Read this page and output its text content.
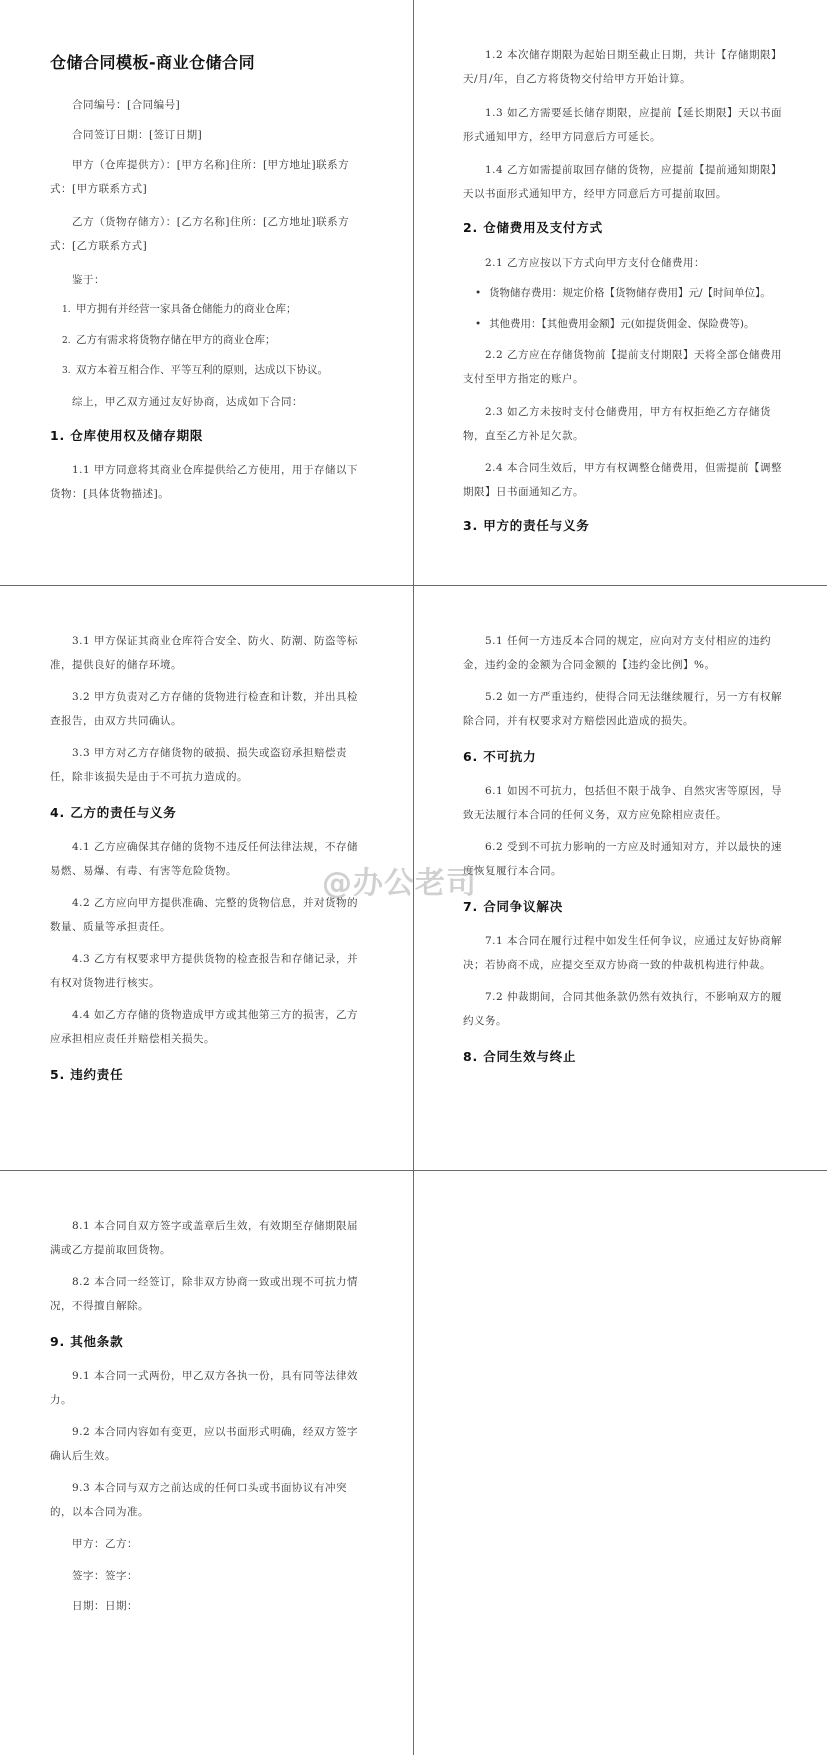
仓储合同模板-商业仓储合同
合同编号：[合同编号]
合同签订日期：[签订日期]
甲方（仓库提供方）：[甲方名称]住所：[甲方地址]联系方式：[甲方联系方式]
乙方（货物存储方）：[乙方名称]住所：[乙方地址]联系方式：[乙方联系方式]
鉴于：
1. 甲方拥有并经营一家具备仓储能力的商业仓库；
2. 乙方有需求将货物存储在甲方的商业仓库；
3. 双方本着互相合作、平等互利的原则，达成以下协议。
综上，甲乙双方通过友好协商，达成如下合同：
1. 仓库使用权及储存期限
1.1 甲方同意将其商业仓库提供给乙方使用，用于存储以下货物：[具体货物描述]。
1.2 本次储存期限为起始日期至截止日期，共计【存储期限】天/月/年，自乙方将货物交付给甲方开始计算。
1.3 如乙方需要延长储存期限，应提前【延长期限】天以书面形式通知甲方，经甲方同意后方可延长。
1.4 乙方如需提前取回存储的货物，应提前【提前通知期限】天以书面形式通知甲方，经甲方同意后方可提前取回。
2. 仓储费用及支付方式
2.1 乙方应按以下方式向甲方支付仓储费用：
• 货物储存费用：规定价格【货物储存费用】元/【时间单位】。
• 其他费用：【其他费用金额】元(如提货佣金、保险费等)。
2.2 乙方应在存储货物前【提前支付期限】天将全部仓储费用支付至甲方指定的账户。
2.3 如乙方未按时支付仓储费用，甲方有权拒绝乙方存储货物，直至乙方补足欠款。
2.4 本合同生效后，甲方有权调整仓储费用，但需提前【调整期限】日书面通知乙方。
3. 甲方的责任与义务
3.1 甲方保证其商业仓库符合安全、防火、防潮、防盗等标准，提供良好的储存环境。
3.2 甲方负责对乙方存储的货物进行检查和计数，并出具检查报告，由双方共同确认。
3.3 甲方对乙方存储货物的破损、损失或盗窃承担赔偿责任，除非该损失是由于不可抗力造成的。
4. 乙方的责任与义务
4.1 乙方应确保其存储的货物不违反任何法律法规，不存储易燃、易爆、有毒、有害等危险货物。
4.2 乙方应向甲方提供准确、完整的货物信息，并对货物的数量、质量等承担责任。
4.3 乙方有权要求甲方提供货物的检查报告和存储记录，并有权对货物进行核实。
4.4 如乙方存储的货物造成甲方或其他第三方的损害，乙方应承担相应责任并赔偿相关损失。
5. 违约责任
5.1 任何一方违反本合同的规定，应向对方支付相应的违约金，违约金的金额为合同金额的【违约金比例】%。
5.2 如一方严重违约，使得合同无法继续履行，另一方有权解除合同，并有权要求对方赔偿因此造成的损失。
6. 不可抗力
6.1 如因不可抗力，包括但不限于战争、自然灾害等原因，导致无法履行本合同的任何义务，双方应免除相应责任。
6.2 受到不可抗力影响的一方应及时通知对方，并以最快的速度恢复履行本合同。
7. 合同争议解决
7.1 本合同在履行过程中如发生任何争议，应通过友好协商解决；若协商不成，应提交至双方协商一致的仲裁机构进行仲裁。
7.2 仲裁期间，合同其他条款仍然有效执行，不影响双方的履约义务。
8. 合同生效与终止
8.1 本合同自双方签字或盖章后生效，有效期至存储期限届满或乙方提前取回货物。
8.2 本合同一经签订，除非双方协商一致或出现不可抗力情况，不得擅自解除。
9. 其他条款
9.1 本合同一式两份，甲乙双方各执一份，具有同等法律效力。
9.2 本合同内容如有变更，应以书面形式明确，经双方签字确认后生效。
9.3 本合同与双方之前达成的任何口头或书面协议有冲突的，以本合同为准。
甲方：乙方：
签字：签字：
日期：日期：
@办公老司
